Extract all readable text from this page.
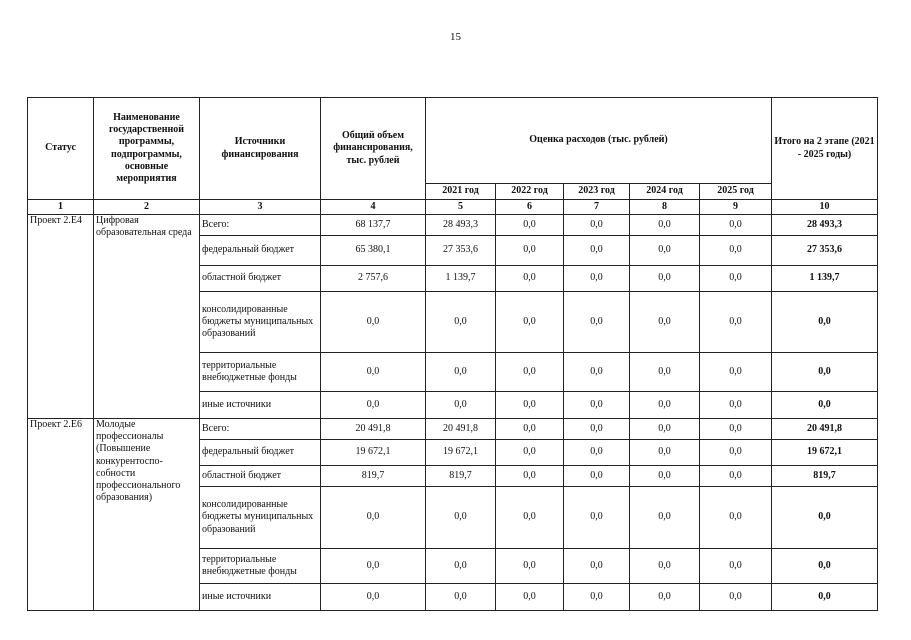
15
Статус	Наименование государственной программы, подпрограммы, основные мероприятия	Источники финансирования	Общий объем финансирования, тыс. рублей	Оценка расходов (тыс. рублей)					Итого на 2 этапе (2021 - 2025 годы)
				2021 год	2022 год	2023 год	2024 год	2025 год	
1	2	3	4	5	6	7	8	9	10
Проект 2.Е4	Цифровая образовательная среда	Всего:	68 137,7	28 493,3	0,0	0,0	0,0	0,0	28 493,3
		федеральный бюджет	65 380,1	27 353,6	0,0	0,0	0,0	0,0	27 353,6
		областной бюджет	2 757,6	1 139,7	0,0	0,0	0,0	0,0	1 139,7
		консолидированные бюджеты муниципальных образований	0,0	0,0	0,0	0,0	0,0	0,0	0,0
		территориальные внебюджетные фонды	0,0	0,0	0,0	0,0	0,0	0,0	0,0
		иные источники	0,0	0,0	0,0	0,0	0,0	0,0	0,0
Проект 2.Е6	Молодые профессионалы (Повышение конкурентоспо-собности профессионального образования)	Всего:	20 491,8	20 491,8	0,0	0,0	0,0	0,0	20 491,8
		федеральный бюджет	19 672,1	19 672,1	0,0	0,0	0,0	0,0	19 672,1
		областной бюджет	819,7	819,7	0,0	0,0	0,0	0,0	819,7
		консолидированные бюджеты муниципальных образований	0,0	0,0	0,0	0,0	0,0	0,0	0,0
		территориальные внебюджетные фонды	0,0	0,0	0,0	0,0	0,0	0,0	0,0
		иные источники	0,0	0,0	0,0	0,0	0,0	0,0	0,0
